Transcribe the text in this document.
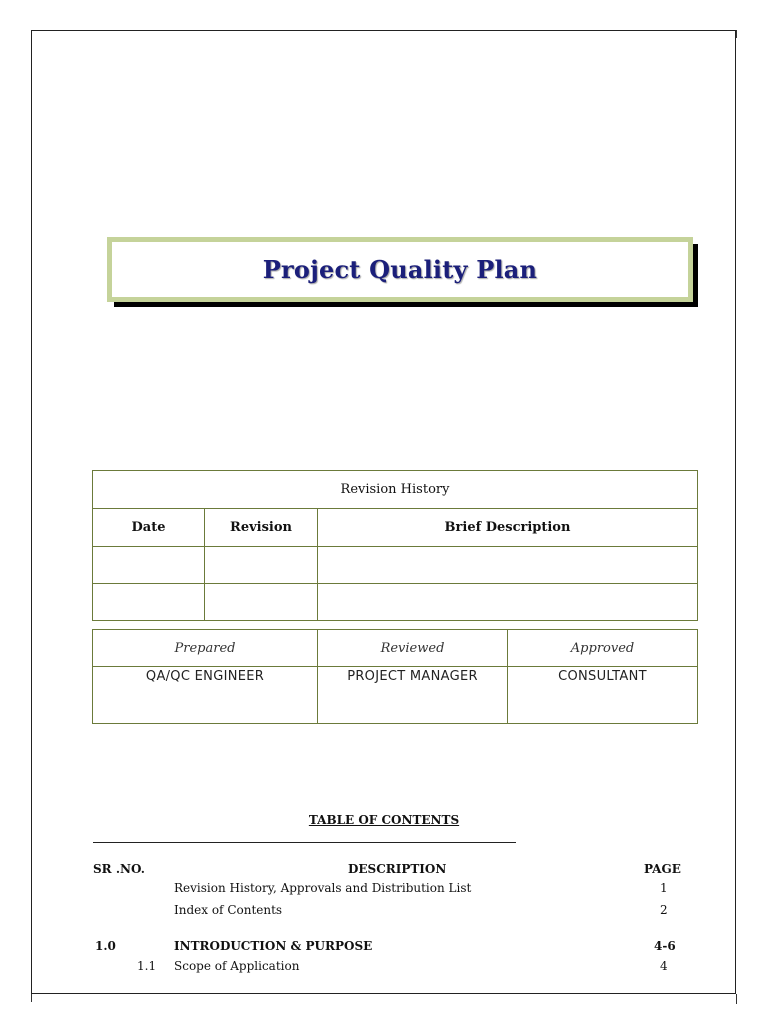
Project Quality Plan
Revision History		
Date	Revision	Brief Description

Prepared	Reviewed	Approved
QA/QC ENGINEER	PROJECT MANAGER	CONSULTANT
TABLE OF CONTENTS
SR .NO.	DESCRIPTION	PAGE
Revision History, Approvals and Distribution List	1
Index of Contents	2
1.0	INTRODUCTION & PURPOSE	4-6
1.1 Scope of Application	4
